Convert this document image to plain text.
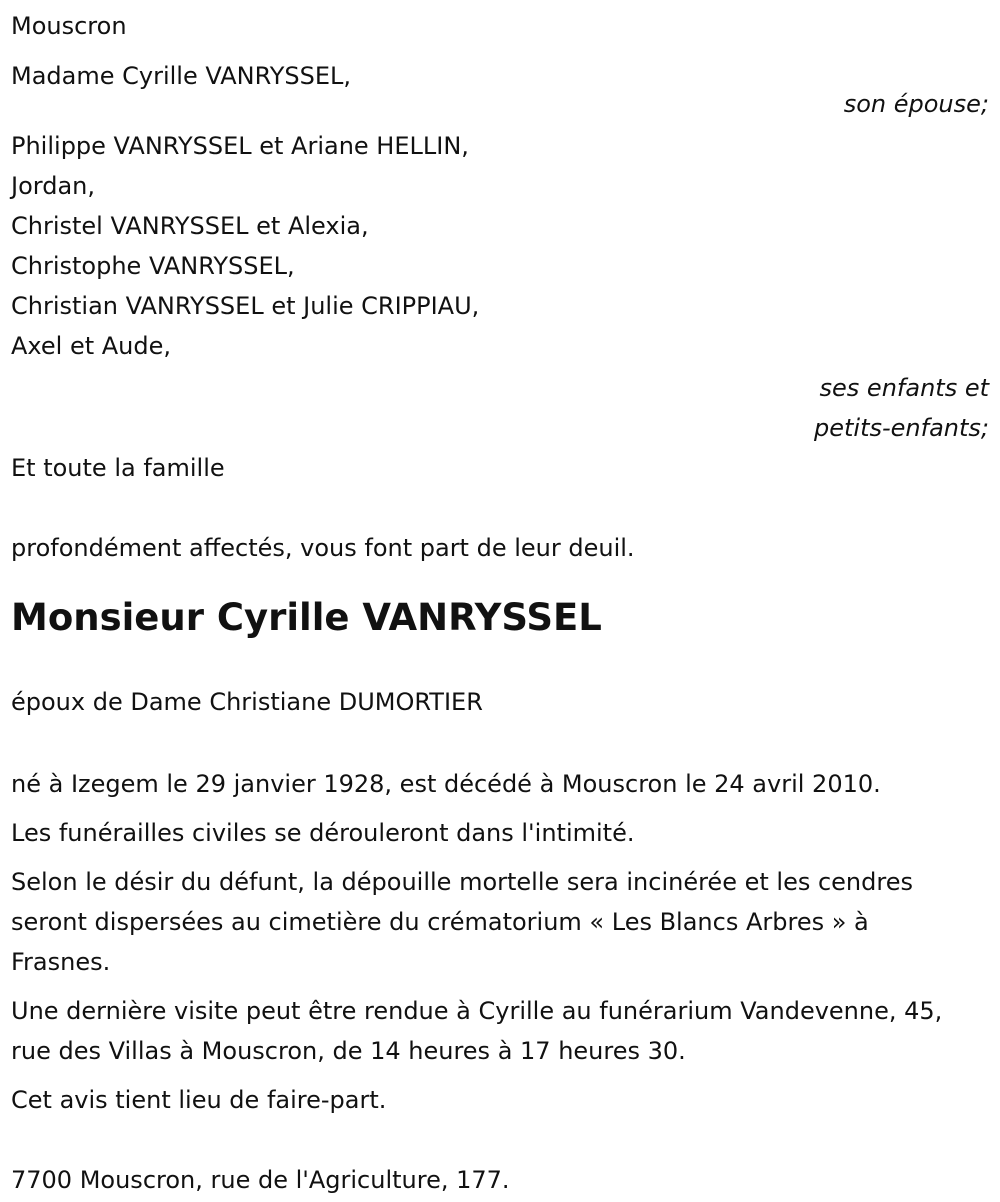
Mouscron
Madame Cyrille VANRYSSEL,
son épouse;
Philippe VANRYSSEL et Ariane HELLIN,
Jordan,
Christel VANRYSSEL et Alexia,
Christophe VANRYSSEL,
Christian VANRYSSEL et Julie CRIPPIAU,
Axel et Aude,
ses enfants et
petits-enfants;
Et toute la famille
profondément affectés, vous font part de leur deuil.
Monsieur Cyrille VANRYSSEL
époux de Dame Christiane DUMORTIER
né à Izegem le 29 janvier 1928, est décédé à Mouscron le 24 avril 2010.
Les funérailles civiles se dérouleront dans l'intimité.
Selon le désir du défunt, la dépouille mortelle sera incinérée et les cendres seront dispersées au cimetière du crématorium « Les Blancs Arbres » à Frasnes.
Une dernière visite peut être rendue à Cyrille au funérarium Vandevenne, 45, rue des Villas à Mouscron, de 14 heures à 17 heures 30.
Cet avis tient lieu de faire-part.
7700 Mouscron, rue de l'Agriculture, 177.
